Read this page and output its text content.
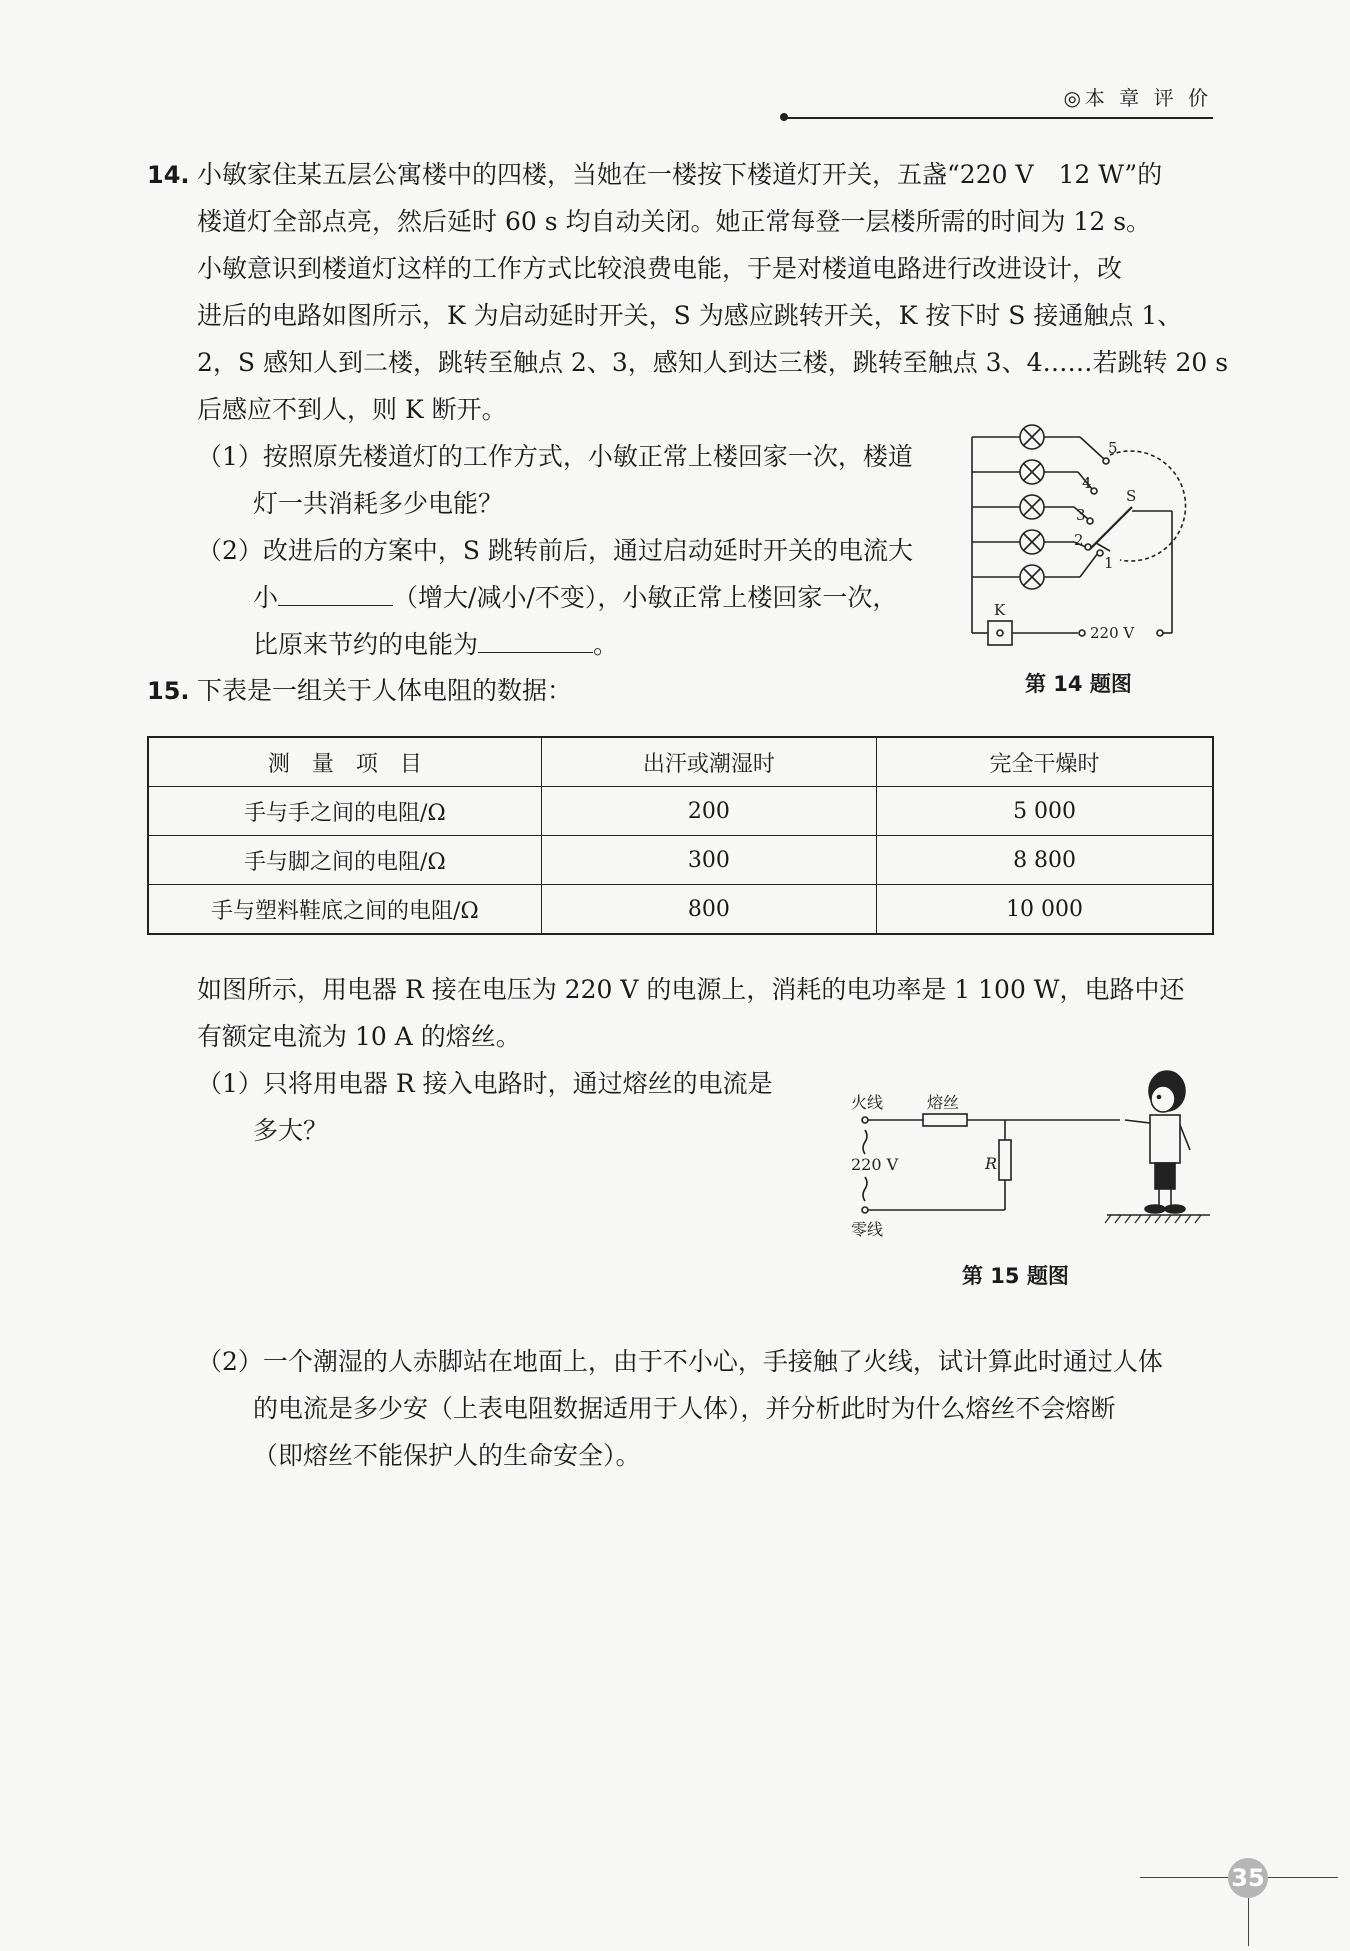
◎本 章 评 价
14. 小敏家住某五层公寓楼中的四楼，当她在一楼按下楼道灯开关，五盏“220 V　12 W”的
楼道灯全部点亮，然后延时 60 s 均自动关闭。她正常每登一层楼所需的时间为 12 s。
小敏意识到楼道灯这样的工作方式比较浪费电能，于是对楼道电路进行改进设计，改
进后的电路如图所示，K 为启动延时开关，S 为感应跳转开关，K 按下时 S 接通触点 1、
2，S 感知人到二楼，跳转至触点 2、3，感知人到达三楼，跳转至触点 3、4……若跳转 20 s
后感应不到人，则 K 断开。
（1）按照原先楼道灯的工作方式，小敏正常上楼回家一次，楼道
灯一共消耗多少电能？
（2）改进后的方案中，S 跳转前后，通过启动延时开关的电流大
小	（增大/减小/不变），小敏正常上楼回家一次，
比原来节约的电能为	。
5
4
3
2
1
S
K
220 V
第 14 题图
15. 下表是一组关于人体电阻的数据：
测　量　项　目	出汗或潮湿时	完全干燥时
手与手之间的电阻/Ω	200	5 000
手与脚之间的电阻/Ω	300	8 800
手与塑料鞋底之间的电阻/Ω	800	10 000
如图所示，用电器 R 接在电压为 220 V 的电源上，消耗的电功率是 1 100 W，电路中还
有额定电流为 10 A 的熔丝。
（1）只将用电器 R 接入电路时，通过熔丝的电流是
多大？
火线	熔丝
220 V	R
零线
第 15 题图
（2）一个潮湿的人赤脚站在地面上，由于不小心，手接触了火线，试计算此时通过人体
的电流是多少安（上表电阻数据适用于人体），并分析此时为什么熔丝不会熔断
（即熔丝不能保护人的生命安全）。
35
